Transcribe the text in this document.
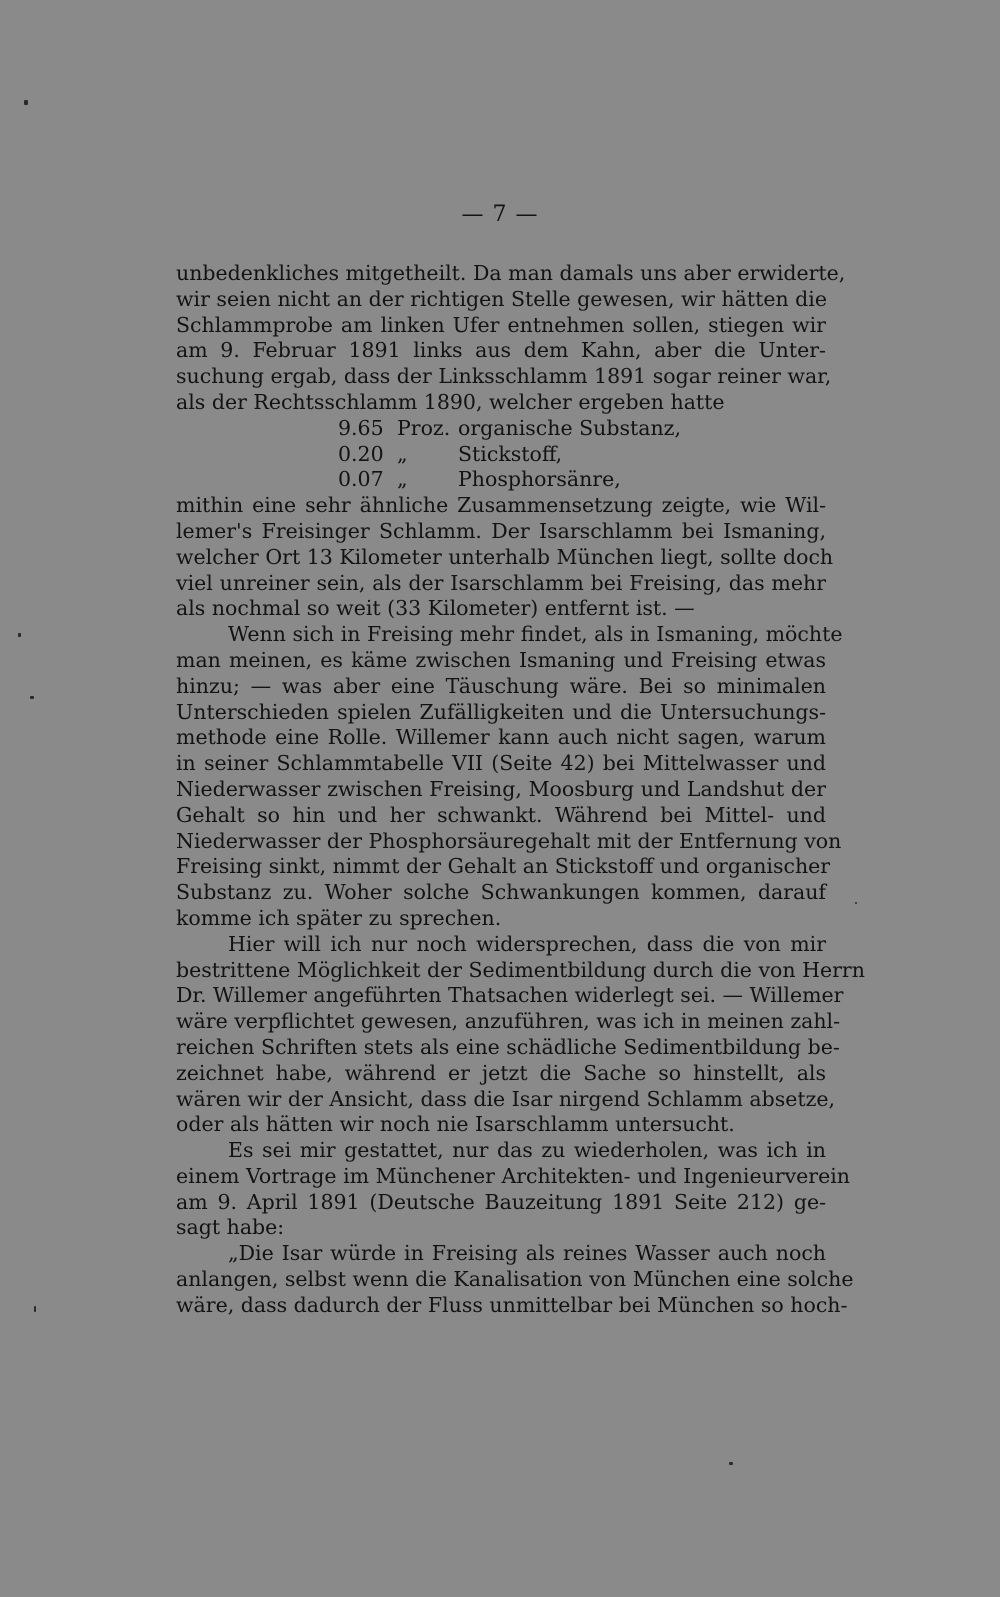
— 7 —
unbedenkliches mitgetheilt. Da man damals uns aber erwiderte,
wir seien nicht an der richtigen Stelle gewesen, wir hätten die
Schlammprobe am linken Ufer entnehmen sollen, stiegen wir
am 9. Februar 1891 links aus dem Kahn, aber die Unter-
suchung ergab, dass der Linksschlamm 1891 sogar reiner war,
als der Rechtsschlamm 1890, welcher ergeben hatte
9.65 Proz. organische Substanz,
0.20 „ Stickstoff,
0.07 „ Phosphorsänre,
mithin eine sehr ähnliche Zusammensetzung zeigte, wie Wil-
lemer's Freisinger Schlamm. Der Isarschlamm bei Ismaning,
welcher Ort 13 Kilometer unterhalb München liegt, sollte doch
viel unreiner sein, als der Isarschlamm bei Freising, das mehr
als nochmal so weit (33 Kilometer) entfernt ist. —
Wenn sich in Freising mehr findet, als in Ismaning, möchte
man meinen, es käme zwischen Ismaning und Freising etwas
hinzu; — was aber eine Täuschung wäre. Bei so minimalen
Unterschieden spielen Zufälligkeiten und die Untersuchungs-
methode eine Rolle. Willemer kann auch nicht sagen, warum
in seiner Schlammtabelle VII (Seite 42) bei Mittelwasser und
Niederwasser zwischen Freising, Moosburg und Landshut der
Gehalt so hin und her schwankt. Während bei Mittel- und
Niederwasser der Phosphorsäuregehalt mit der Entfernung von
Freising sinkt, nimmt der Gehalt an Stickstoff und organischer
Substanz zu. Woher solche Schwankungen kommen, darauf
komme ich später zu sprechen.
Hier will ich nur noch widersprechen, dass die von mir
bestrittene Möglichkeit der Sedimentbildung durch die von Herrn
Dr. Willemer angeführten Thatsachen widerlegt sei. — Willemer
wäre verpflichtet gewesen, anzuführen, was ich in meinen zahl-
reichen Schriften stets als eine schädliche Sedimentbildung be-
zeichnet habe, während er jetzt die Sache so hinstellt, als
wären wir der Ansicht, dass die Isar nirgend Schlamm absetze,
oder als hätten wir noch nie Isarschlamm untersucht.
Es sei mir gestattet, nur das zu wiederholen, was ich in
einem Vortrage im Münchener Architekten- und Ingenieurverein
am 9. April 1891 (Deutsche Bauzeitung 1891 Seite 212) ge-
sagt habe:
„Die Isar würde in Freising als reines Wasser auch noch
anlangen, selbst wenn die Kanalisation von München eine solche
wäre, dass dadurch der Fluss unmittelbar bei München so hoch-
